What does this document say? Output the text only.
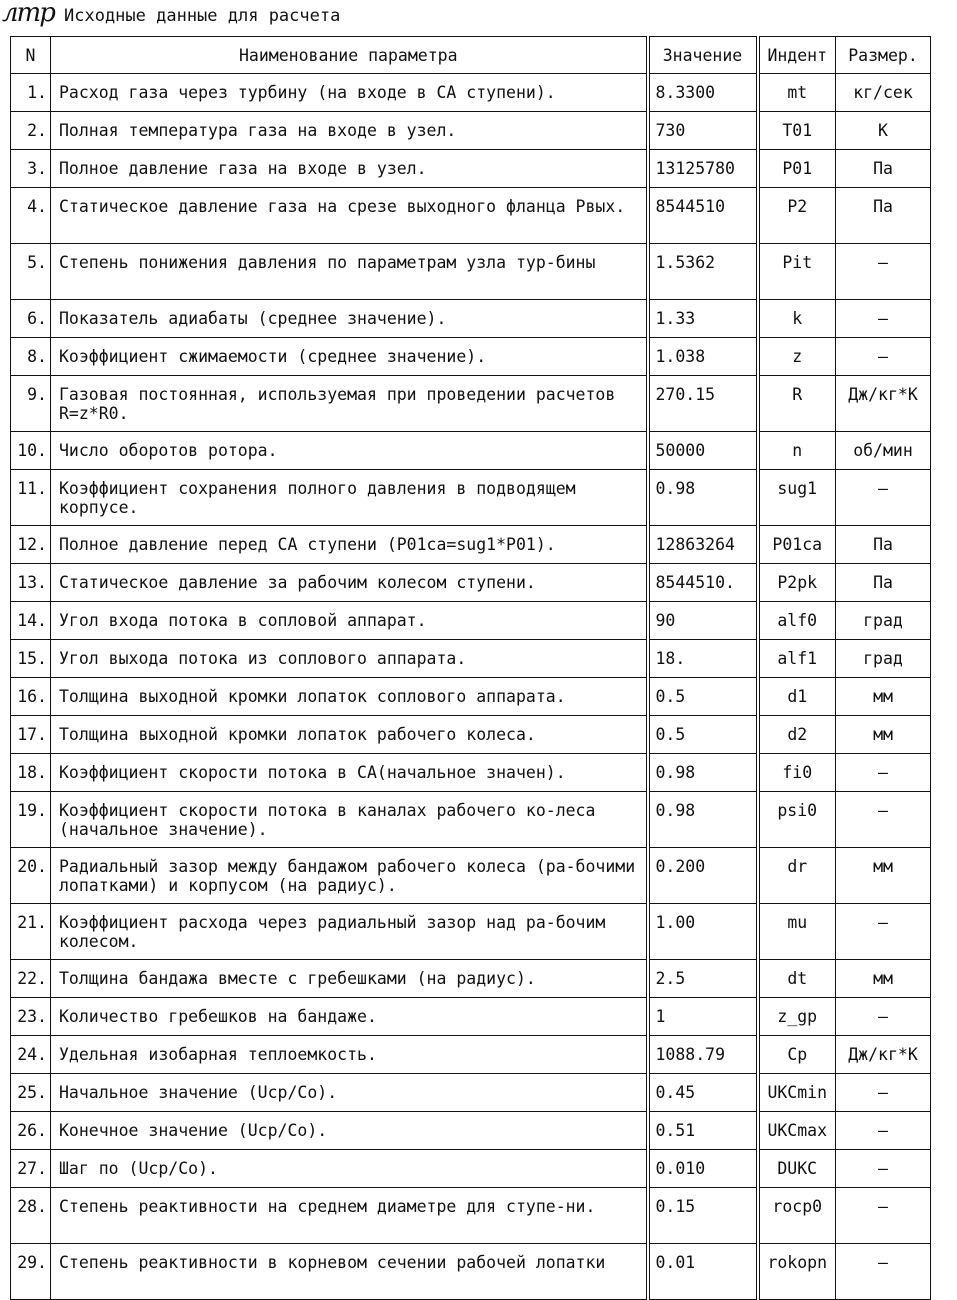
лтр Исходные данные для расчета
N	Наименование параметра	Значение	Индент	Размер.
1.	Расход газа через турбину (на входе в СА ступени).	8.3300	mt	кг/сек
2.	Полная температура газа на входе в узел.	730	T01	К
3.	Полное давление газа на входе в узел.	13125780	P01	Па
4.	Статическое давление газа на срезе выходного фланца Рвых.	8544510	P2	Па
5.	Степень понижения давления по параметрам узла тур-бины	1.5362	Pit	—
6.	Показатель адиабаты (среднее значение).	1.33	k	—
8.	Коэффициент сжимаемости (среднее значение).	1.038	z	—
9.	Газовая постоянная, используемая при проведении расчетов R=z*R0.	270.15	R	Дж/кг*К
10.	Число оборотов ротора.	50000	n	об/мин
11.	Коэффициент сохранения полного давления в подводящем корпусе.	0.98	sug1	—
12.	Полное давление перед СА ступени (P01ca=sug1*P01).	12863264	P01ca	Па
13.	Статическое давление за рабочим колесом ступени.	8544510.	P2pk	Па
14.	Угол входа потока в сопловой аппарат.	90	alf0	град
15.	Угол выхода потока из соплового аппарата.	18.	alf1	град
16.	Толщина выходной кромки лопаток соплового аппарата.	0.5	d1	мм
17.	Толщина выходной кромки лопаток рабочего колеса.	0.5	d2	мм
18.	Коэффициент скорости потока в СА(начальное значен).	0.98	fi0	—
19.	Коэффициент скорости потока в каналах рабочего ко-леса (начальное значение).	0.98	psi0	—
20.	Радиальный зазор между бандажом рабочего колеса (ра-бочими лопатками) и корпусом (на радиус).	0.200	dr	мм
21.	Коэффициент расхода через радиальный зазор над ра-бочим колесом.	1.00	mu	—
22.	Толщина бандажа вместе с гребешками (на радиус).	2.5	dt	мм
23.	Количество гребешков на бандаже.	1	z_gp	—
24.	Удельная изобарная теплоемкость.	1088.79	Cp	Дж/кг*К
25.	Начальное значение (Ucp/Co).	0.45	UKCmin	—
26.	Конечное значение (Ucp/Co).	0.51	UKCmax	—
27.	Шаг по (Ucp/Co).	0.010	DUKC	—
28.	Степень реактивности на среднем диаметре для ступе-ни.	0.15	rocp0	—
29.	Степень реактивности в корневом сечении рабочей лопатки	0.01	rokopn	—
